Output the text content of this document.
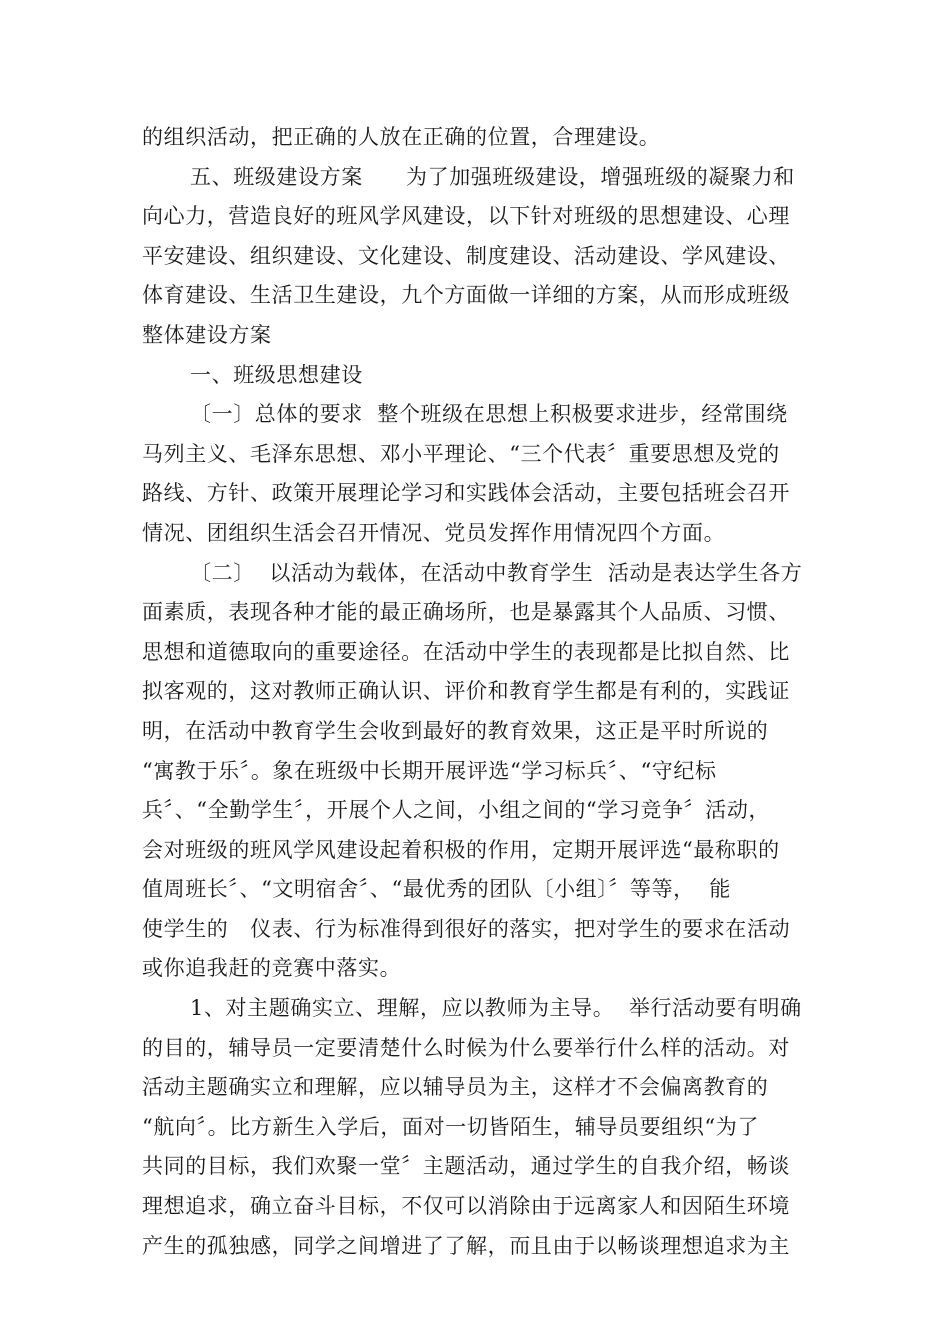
的组织活动，把正确的人放在正确的位置，合理建设。
五、班级建设方案　　为了加强班级建设，增强班级的凝聚力和
向心力，营造良好的班风学风建设，以下针对班级的思想建设、心理
平安建设、组织建设、文化建设、制度建设、活动建设、学风建设、
体育建设、生活卫生建设，九个方面做一详细的方案，从而形成班级
整体建设方案
一、班级思想建设
〔一〕总体的要求  整个班级在思想上积极要求进步，经常围绕
马列主义、毛泽东思想、邓小平理论、“三个代表〞重要思想及党的
路线、方针、政策开展理论学习和实践体会活动，主要包括班会召开
情况、团组织生活会召开情况、党员发挥作用情况四个方面。
〔二〕  以活动为载体，在活动中教育学生  活动是表达学生各方
面素质，表现各种才能的最正确场所，也是暴露其个人品质、习惯、
思想和道德取向的重要途径。在活动中学生的表现都是比拟自然、比
拟客观的，这对教师正确认识、评价和教育学生都是有利的，实践证
明，在活动中教育学生会收到最好的教育效果，这正是平时所说的
“寓教于乐〞。象在班级中长期开展评选“学习标兵〞、“守纪标
兵〞、“全勤学生〞，开展个人之间，小组之间的“学习竞争〞活动，
会对班级的班风学风建设起着积极的作用，定期开展评选“最称职的
值周班长〞、“文明宿舍〞、“最优秀的团队〔小组〕〞等等，  能
使学生的   仪表、行为标准得到很好的落实，把对学生的要求在活动
或你追我赶的竞赛中落实。
1、对主题确实立、理解，应以教师为主导。  举行活动要有明确
的目的，辅导员一定要清楚什么时候为什么要举行什么样的活动。对
活动主题确实立和理解，应以辅导员为主，这样才不会偏离教育的
“航向〞。比方新生入学后，面对一切皆陌生，辅导员要组织“为了
共同的目标，我们欢聚一堂〞主题活动，通过学生的自我介绍，畅谈
理想追求，确立奋斗目标，不仅可以消除由于远离家人和因陌生环境
产生的孤独感，同学之间增进了了解，而且由于以畅谈理想追求为主
